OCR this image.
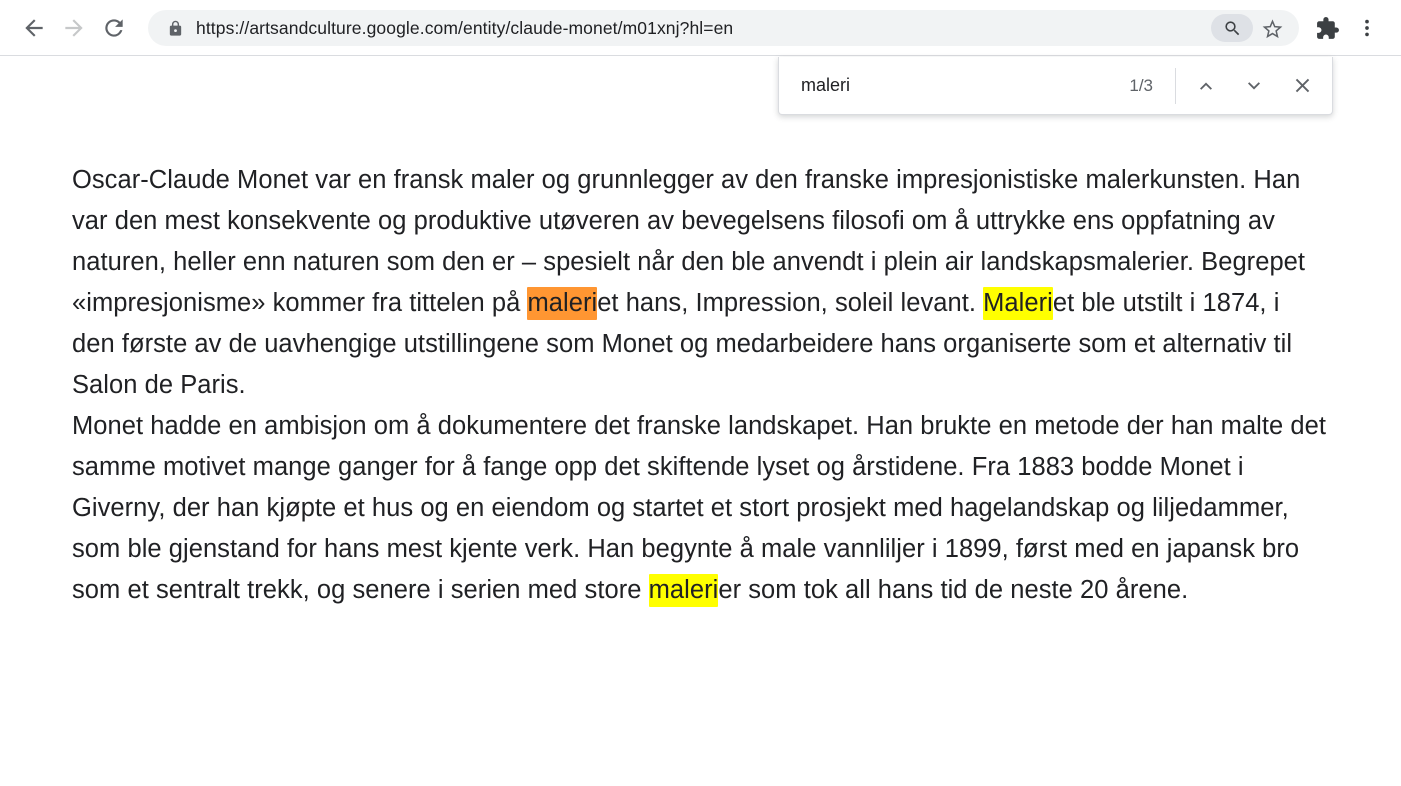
https://artsandculture.google.com/entity/claude-monet/m01xnj?hl=en
maleri
1/3

Oscar-Claude Monet var en fransk maler og grunnlegger av den franske impresjonistiske malerkunsten. Han var den mest konsekvente og produktive utøveren av bevegelsens filosofi om å uttrykke ens oppfatning av naturen, heller enn naturen som den er – spesielt når den ble anvendt i plein air landskapsmalerier. Begrepet «impresjonisme» kommer fra tittelen på maleriet hans, Impression, soleil levant. Maleriet ble utstilt i 1874, i den første av de uavhengige utstillingene som Monet og medarbeidere hans organiserte som et alternativ til Salon de Paris.

Monet hadde en ambisjon om å dokumentere det franske landskapet. Han brukte en metode der han malte det samme motivet mange ganger for å fange opp det skiftende lyset og årstidene. Fra 1883 bodde Monet i Giverny, der han kjøpte et hus og en eiendom og startet et stort prosjekt med hagelandskap og liljedammer, som ble gjenstand for hans mest kjente verk. Han begynte å male vannliljer i 1899, først med en japansk bro som et sentralt trekk, og senere i serien med store malerier som tok all hans tid de neste 20 årene.
